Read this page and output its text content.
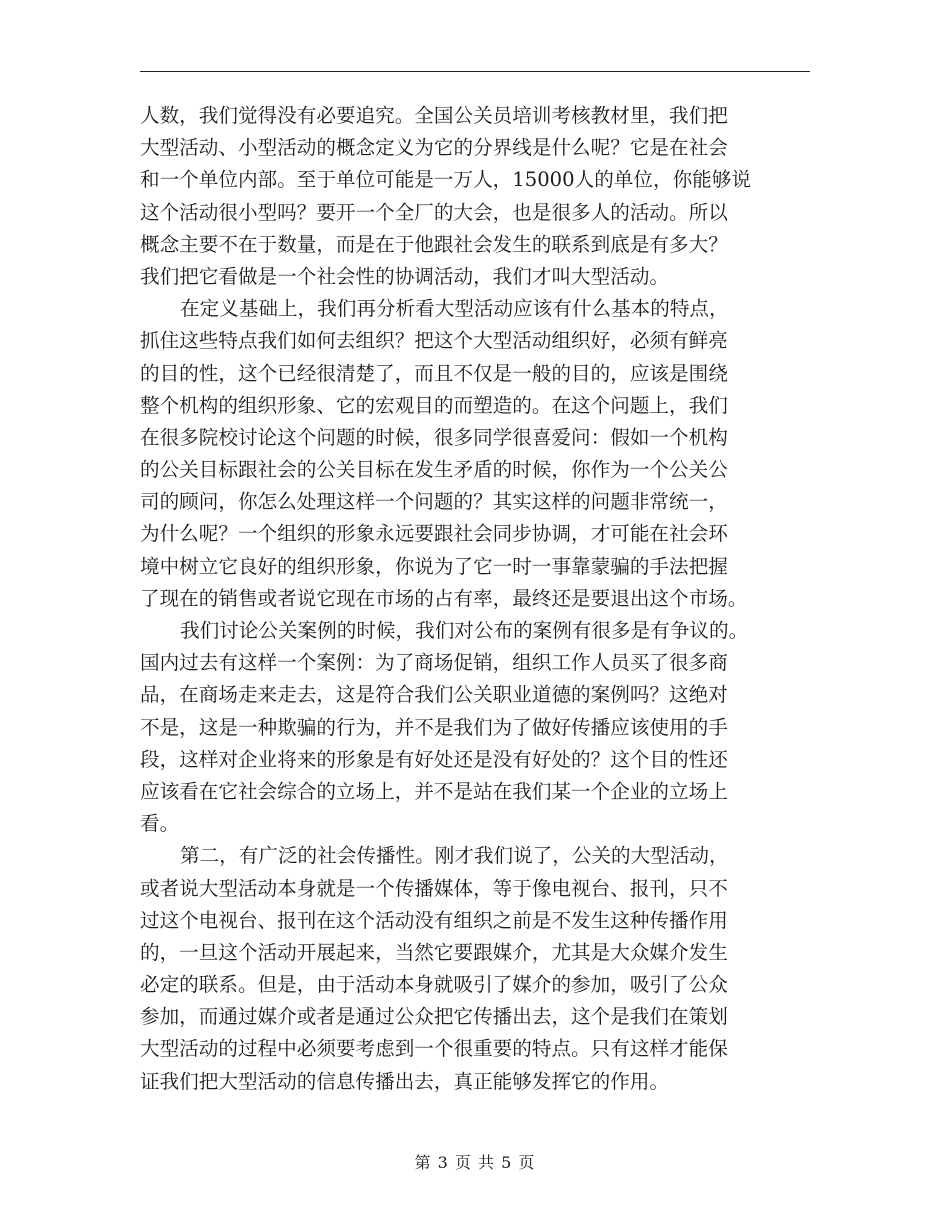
人数，我们觉得没有必要追究。全国公关员培训考核教材里，我们把
大型活动、小型活动的概念定义为它的分界线是什么呢？它是在社会
和一个单位内部。至于单位可能是一万人，15000人的单位，你能够说
这个活动很小型吗？要开一个全厂的大会，也是很多人的活动。所以
概念主要不在于数量，而是在于他跟社会发生的联系到底是有多大？
我们把它看做是一个社会性的协调活动，我们才叫大型活动。
在定义基础上，我们再分析看大型活动应该有什么基本的特点，
抓住这些特点我们如何去组织？把这个大型活动组织好，必须有鲜亮
的目的性，这个已经很清楚了，而且不仅是一般的目的，应该是围绕
整个机构的组织形象、它的宏观目的而塑造的。在这个问题上，我们
在很多院校讨论这个问题的时候，很多同学很喜爱问：假如一个机构
的公关目标跟社会的公关目标在发生矛盾的时候，你作为一个公关公
司的顾问，你怎么处理这样一个问题的？其实这样的问题非常统一，
为什么呢？一个组织的形象永远要跟社会同步协调，才可能在社会环
境中树立它良好的组织形象，你说为了它一时一事靠蒙骗的手法把握
了现在的销售或者说它现在市场的占有率，最终还是要退出这个市场。
我们讨论公关案例的时候，我们对公布的案例有很多是有争议的。
国内过去有这样一个案例：为了商场促销，组织工作人员买了很多商
品，在商场走来走去，这是符合我们公关职业道德的案例吗？这绝对
不是，这是一种欺骗的行为，并不是我们为了做好传播应该使用的手
段，这样对企业将来的形象是有好处还是没有好处的？这个目的性还
应该看在它社会综合的立场上，并不是站在我们某一个企业的立场上
看。
第二，有广泛的社会传播性。刚才我们说了，公关的大型活动，
或者说大型活动本身就是一个传播媒体，等于像电视台、报刊，只不
过这个电视台、报刊在这个活动没有组织之前是不发生这种传播作用
的，一旦这个活动开展起来，当然它要跟媒介，尤其是大众媒介发生
必定的联系。但是，由于活动本身就吸引了媒介的参加，吸引了公众
参加，而通过媒介或者是通过公众把它传播出去，这个是我们在策划
大型活动的过程中必须要考虑到一个很重要的特点。只有这样才能保
证我们把大型活动的信息传播出去，真正能够发挥它的作用。
第 3 页 共 5 页
